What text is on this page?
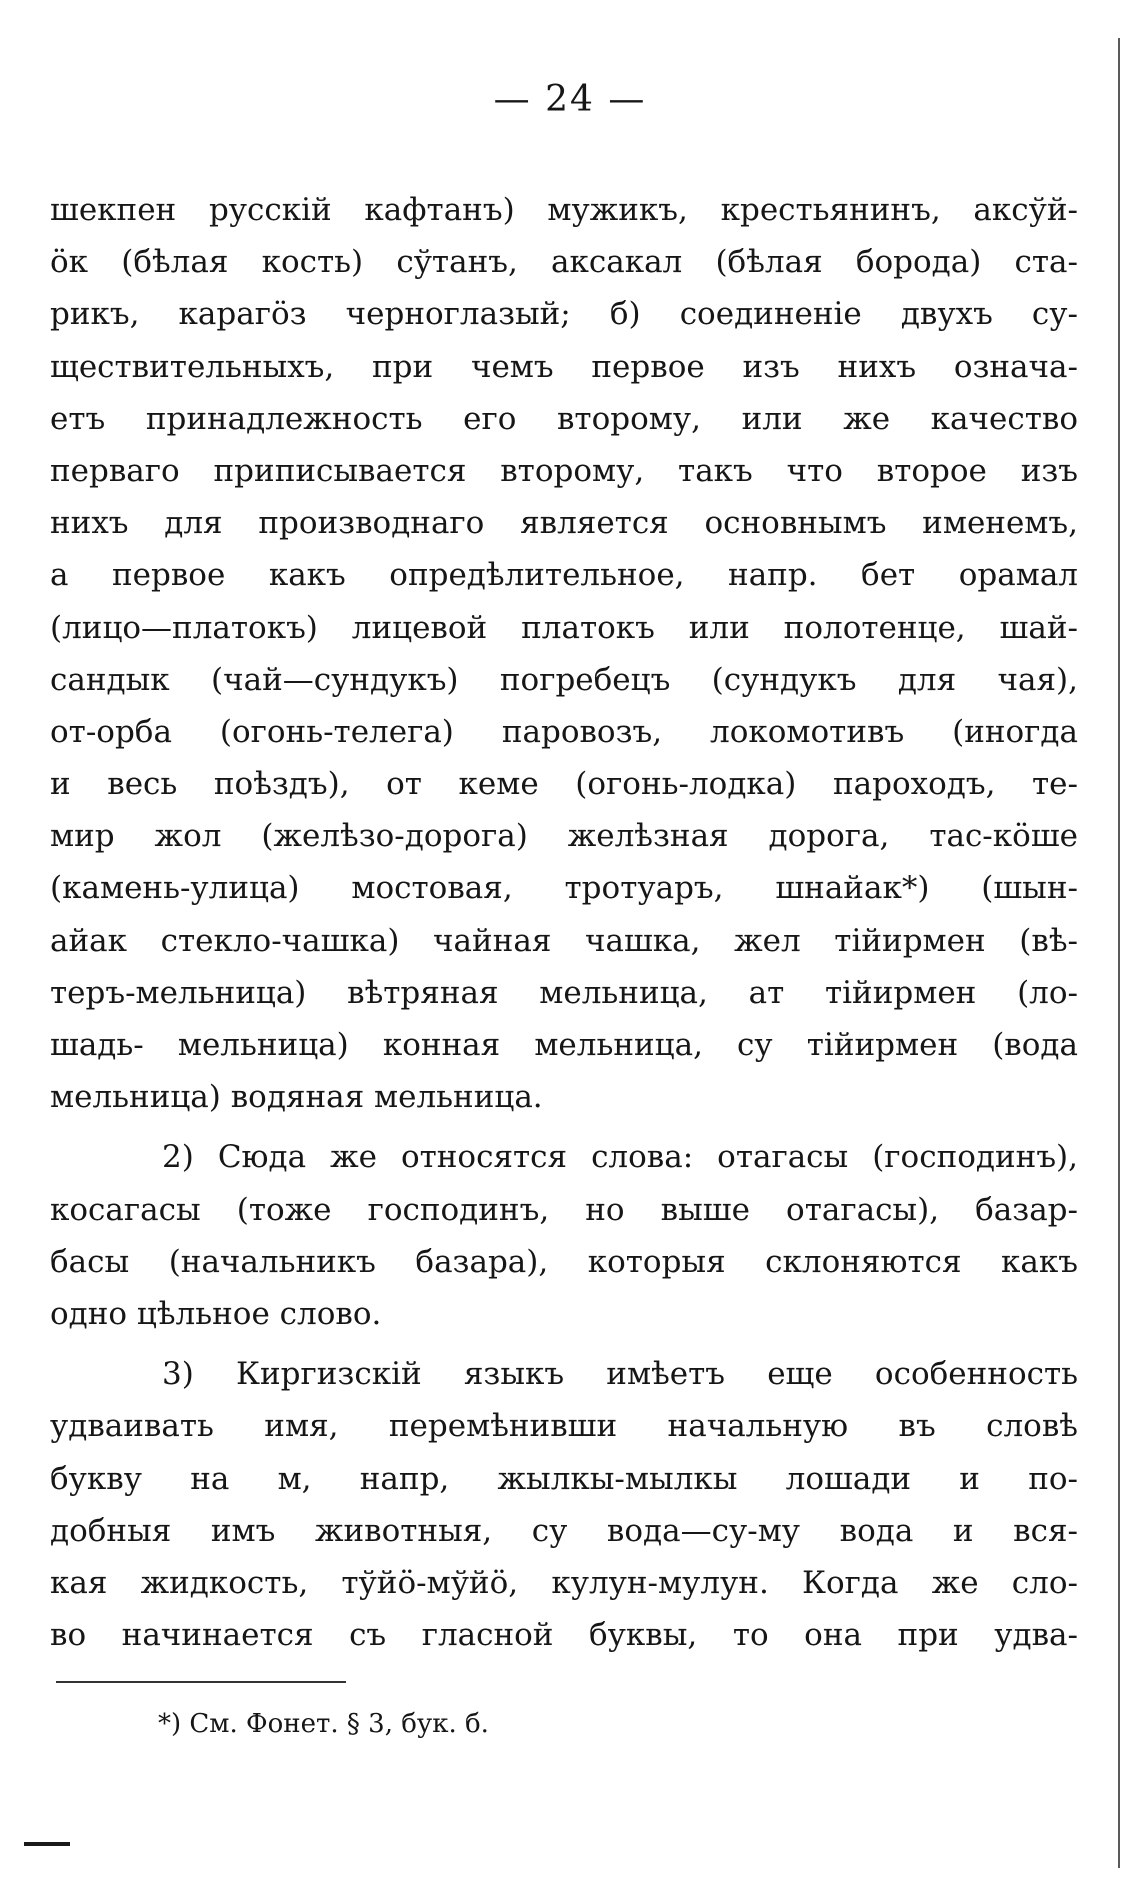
— 24 —
шекпен русскій кафтанъ) мужикъ, крестьянинъ, аксўй-
ӧк (бѣлая кость) сўтанъ, аксакал (бѣлая борода) ста-
рикъ, карагӧз черноглазый; б) соединеніе двухъ су-
ществительныхъ, при чемъ первое изъ нихъ означа-
етъ принадлежность его второму, или же качество
перваго приписывается второму, такъ что второе изъ
нихъ для производнаго является основнымъ именемъ,
а первое какъ опредѣлительное, напр. бет орамал
(лицо—платокъ) лицевой платокъ или полотенце, шай-
сандык (чай—сундукъ) погребецъ (сундукъ для чая),
от-орба (огонь-телега) паровозъ, локомотивъ (иногда
и весь поѣздъ), от кеме (огонь-лодка) пароходъ, те-
мир жол (желѣзо-дорога) желѣзная дорога, тас-кӧше
(камень-улица) мостовая, тротуаръ, шнайак*) (шын-
айак стекло-чашка) чайная чашка, жел тійирмен (вѣ-
теръ-мельница) вѣтряная мельница, ат тійирмен (ло-
шадь- мельница) конная мельница, су тійирмен (вода
мельница) водяная мельница.
2) Сюда же относятся слова: отагасы (господинъ),
косагасы (тоже господинъ, но выше отагасы), базар-
басы (начальникъ базара), которыя склоняются какъ
одно цѣльное слово.
3) Киргизскій языкъ имѣетъ еще особенность
удваивать имя, перемѣнивши начальную въ словѣ
букву на м, напр, жылкы-мылкы лошади и по-
добныя имъ животныя, су вода—су-му вода и вся-
кая жидкость, тўйӧ-мўйӧ, кулун-мулун. Когда же сло-
во начинается съ гласной буквы, то она при удва-
*) См. Фонет. § 3, бук. б.
